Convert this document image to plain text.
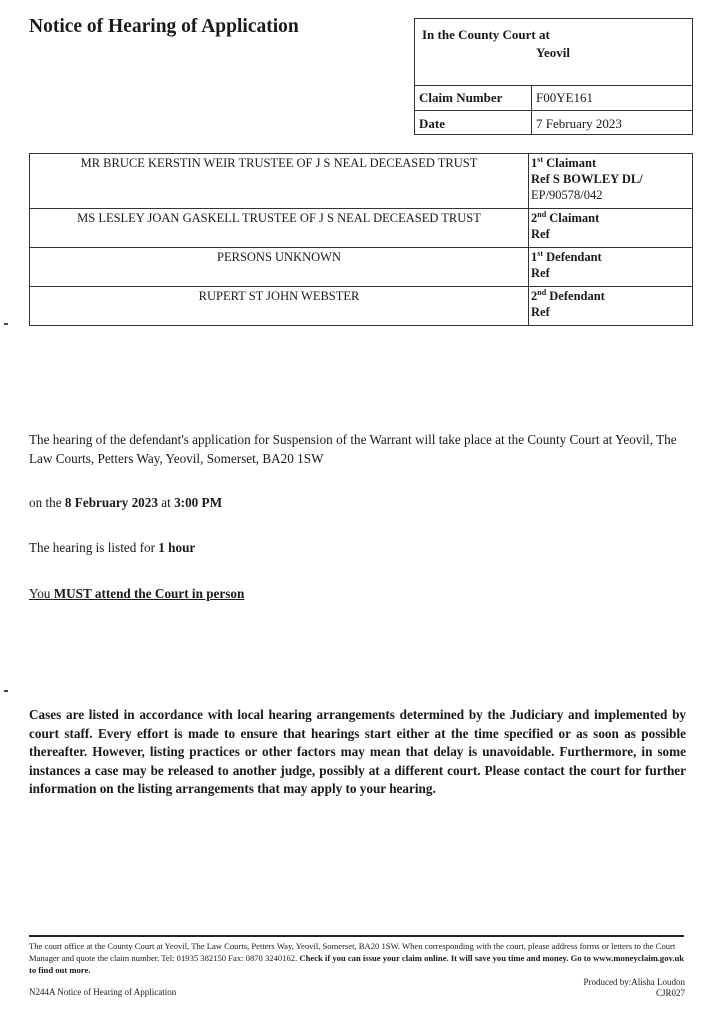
Notice of Hearing of Application	In the County Court at
Yeovil
Claim Number	F00YE161
Date	7 February 2023
MR BRUCE KERSTIN WEIR TRUSTEE OF J S NEAL DECEASED TRUST	1st Claimant
Ref S BOWLEY DL/
EP/90578/042
MS LESLEY JOAN GASKELL TRUSTEE OF J S NEAL DECEASED TRUST	2nd Claimant
Ref

PERSONS UNKNOWN	1st Defendant
Ref

RUPERT ST JOHN WEBSTER	2nd Defendant
Ref
The hearing of the defendant's application for Suspension of the Warrant will take place at the County Court at Yeovil, The Law Courts, Petters Way, Yeovil, Somerset, BA20 1SW
on the 8 February 2023 at 3:00 PM
The hearing is listed for 1 hour
You MUST attend the Court in person
Cases are listed in accordance with local hearing arrangements determined by the Judiciary and implemented by court staff. Every effort is made to ensure that hearings start either at the time specified or as soon as possible thereafter. However, listing practices or other factors may mean that delay is unavoidable. Furthermore, in some instances a case may be released to another judge, possibly at a different court. Please contact the court for further information on the listing arrangements that may apply to your hearing.
The court office at the County Court at Yeovil, The Law Courts, Petters Way, Yeovil, Somerset, BA20 1SW. When corresponding with the court, please address forms or letters to the Court Manager and quote the claim number. Tel: 01935 382150 Fax: 0870 3240162. Check if you can issue your claim online. It will save you time and money. Go to www.moneyclaim.gov.uk to find out more.
Produced by:Alisha Loudon
CJR027
N244A Notice of Hearing of Application
